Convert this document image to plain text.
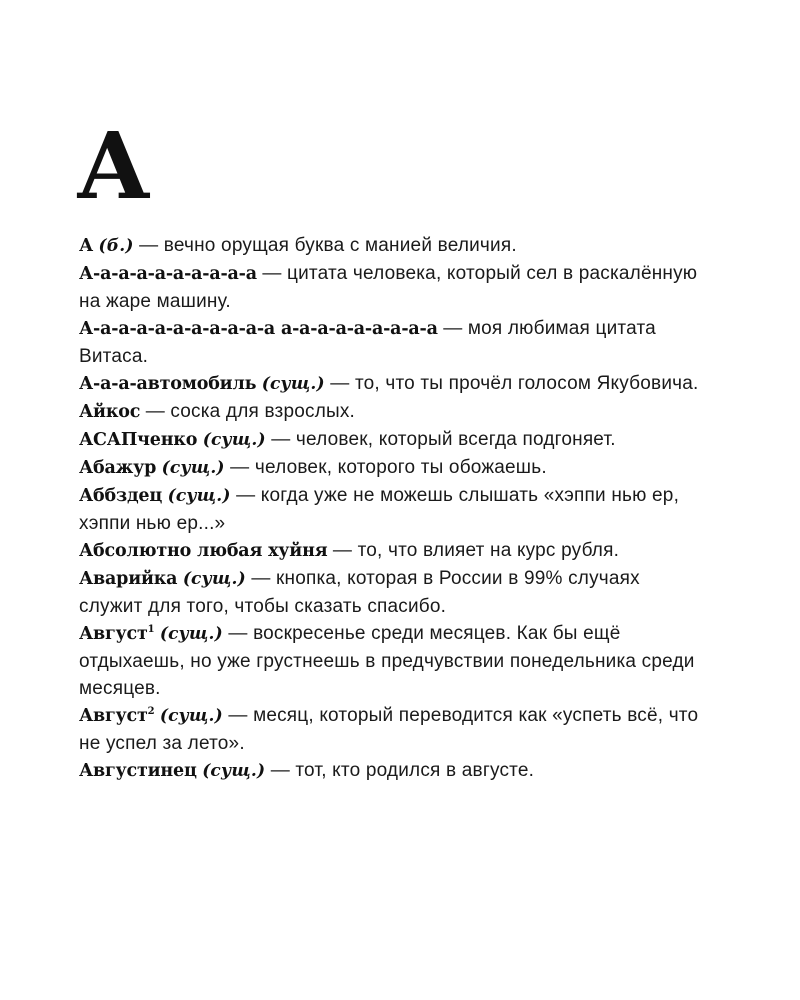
А

А (б.) — вечно орущая буква с манией величия.

А-а-а-а-а-а-а-а-а-а — цитата человека, который сел в раскалённую на жаре машину.

А-а-а-а-а-а-а-а-а-а-а а-а-а-а-а-а-а-а-а — моя любимая цитата Витаса.

А-а-а-автомобиль (сущ.) — то, что ты прочёл голосом Якубовича.

Айкос — соска для взрослых.

АСАПченко (сущ.) — человек, который всегда подгоняет.

Абажур (сущ.) — человек, которого ты обожаешь.

Аббздец (сущ.) — когда уже не можешь слышать «хэппи нью ер, хэппи нью ер...»

Абсолютно любая хуйня — то, что влияет на курс рубля.

Аварийка (сущ.) — кнопка, которая в России в 99% случаях служит для того, чтобы сказать спасибо.

Август$^1$ (сущ.) — воскресенье среди месяцев. Как бы ещё отдыхаешь, но уже грустнеешь в предчувствии понедельника среди месяцев.

Август$^2$ (сущ.) — месяц, который переводится как «успеть всё, что не успел за лето».

Августинец (сущ.) — тот, кто родился в августе.
